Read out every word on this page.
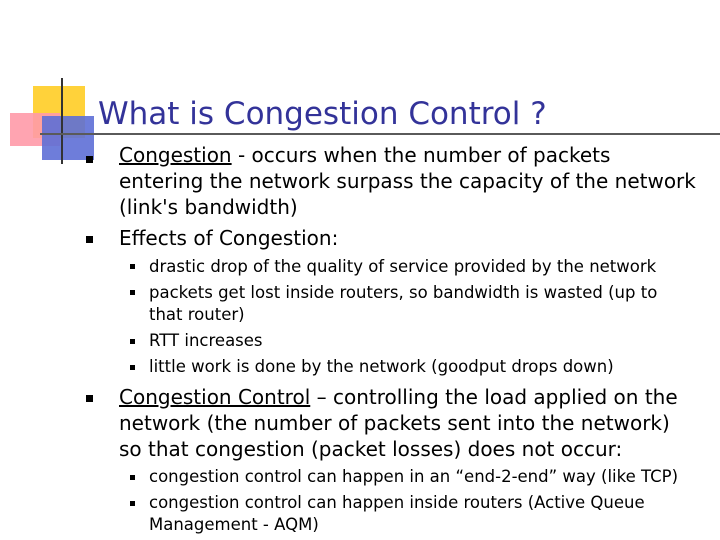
What is Congestion Control ?
Congestion - occurs when the number of packets
entering the network surpass the capacity of the network
(link's bandwidth)
Effects of Congestion:
drastic drop of the quality of service provided by the network
packets get lost inside routers, so bandwidth is wasted (up to
that router)
RTT increases
little work is done by the network (goodput drops down)
Congestion Control – controlling the load applied on the
network (the number of packets sent into the network)
so that congestion (packet losses) does not occur:
congestion control can happen in an “end-2-end” way (like TCP)
congestion control can happen inside routers (Active Queue
Management - AQM)
